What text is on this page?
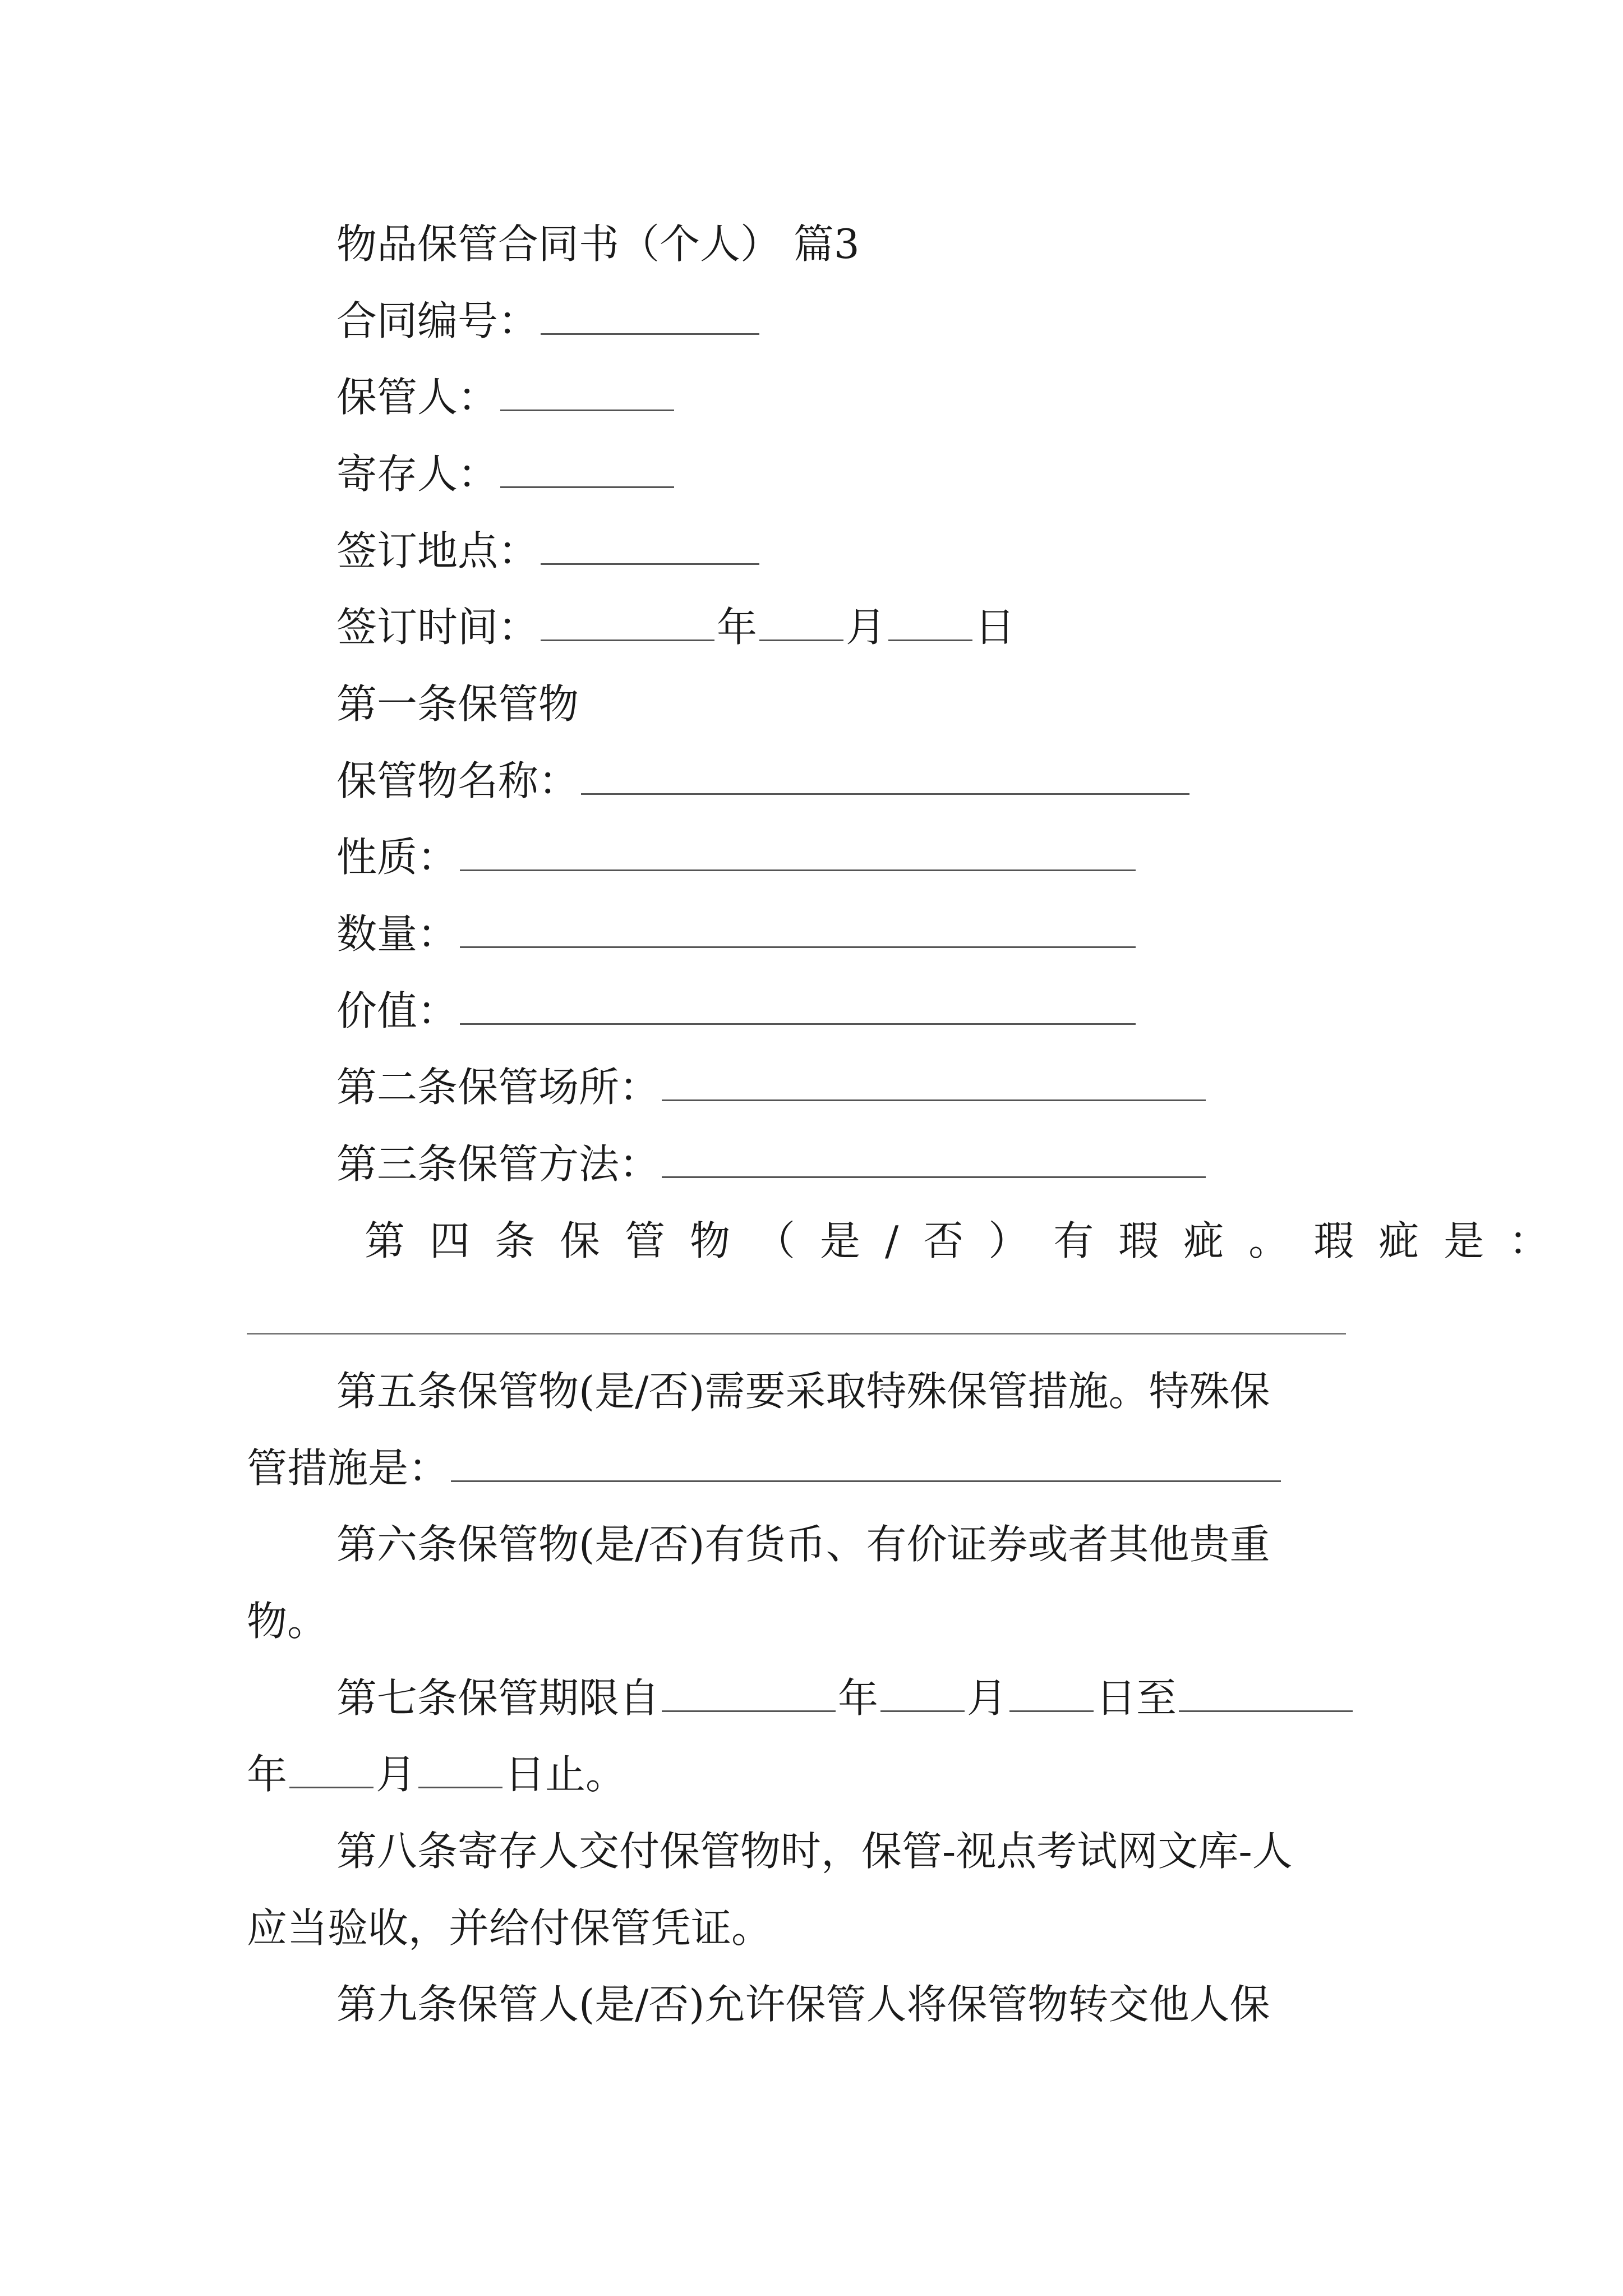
物品保管合同书（个人） 篇3
合同编号：
保管人：
寄存人：
签订地点：
签订时间：	年 月 日
第一条保管物
保管物名称：
性质：
数量：
价值：
第二条保管场所：
第三条保管方法：
第四条保管物（是/否）有瑕疵。瑕疵是：
第五条保管物(是/否)需要采取特殊保管措施。特殊保
管措施是：
第六条保管物(是/否)有货币、有价证券或者其他贵重
物。
第七条保管期限自	年 月 日至
年 月 日止。
第八条寄存人交付保管物时，保管-视点考试网文库-人
应当验收，并给付保管凭证。
第九条保管人(是/否)允许保管人将保管物转交他人保
